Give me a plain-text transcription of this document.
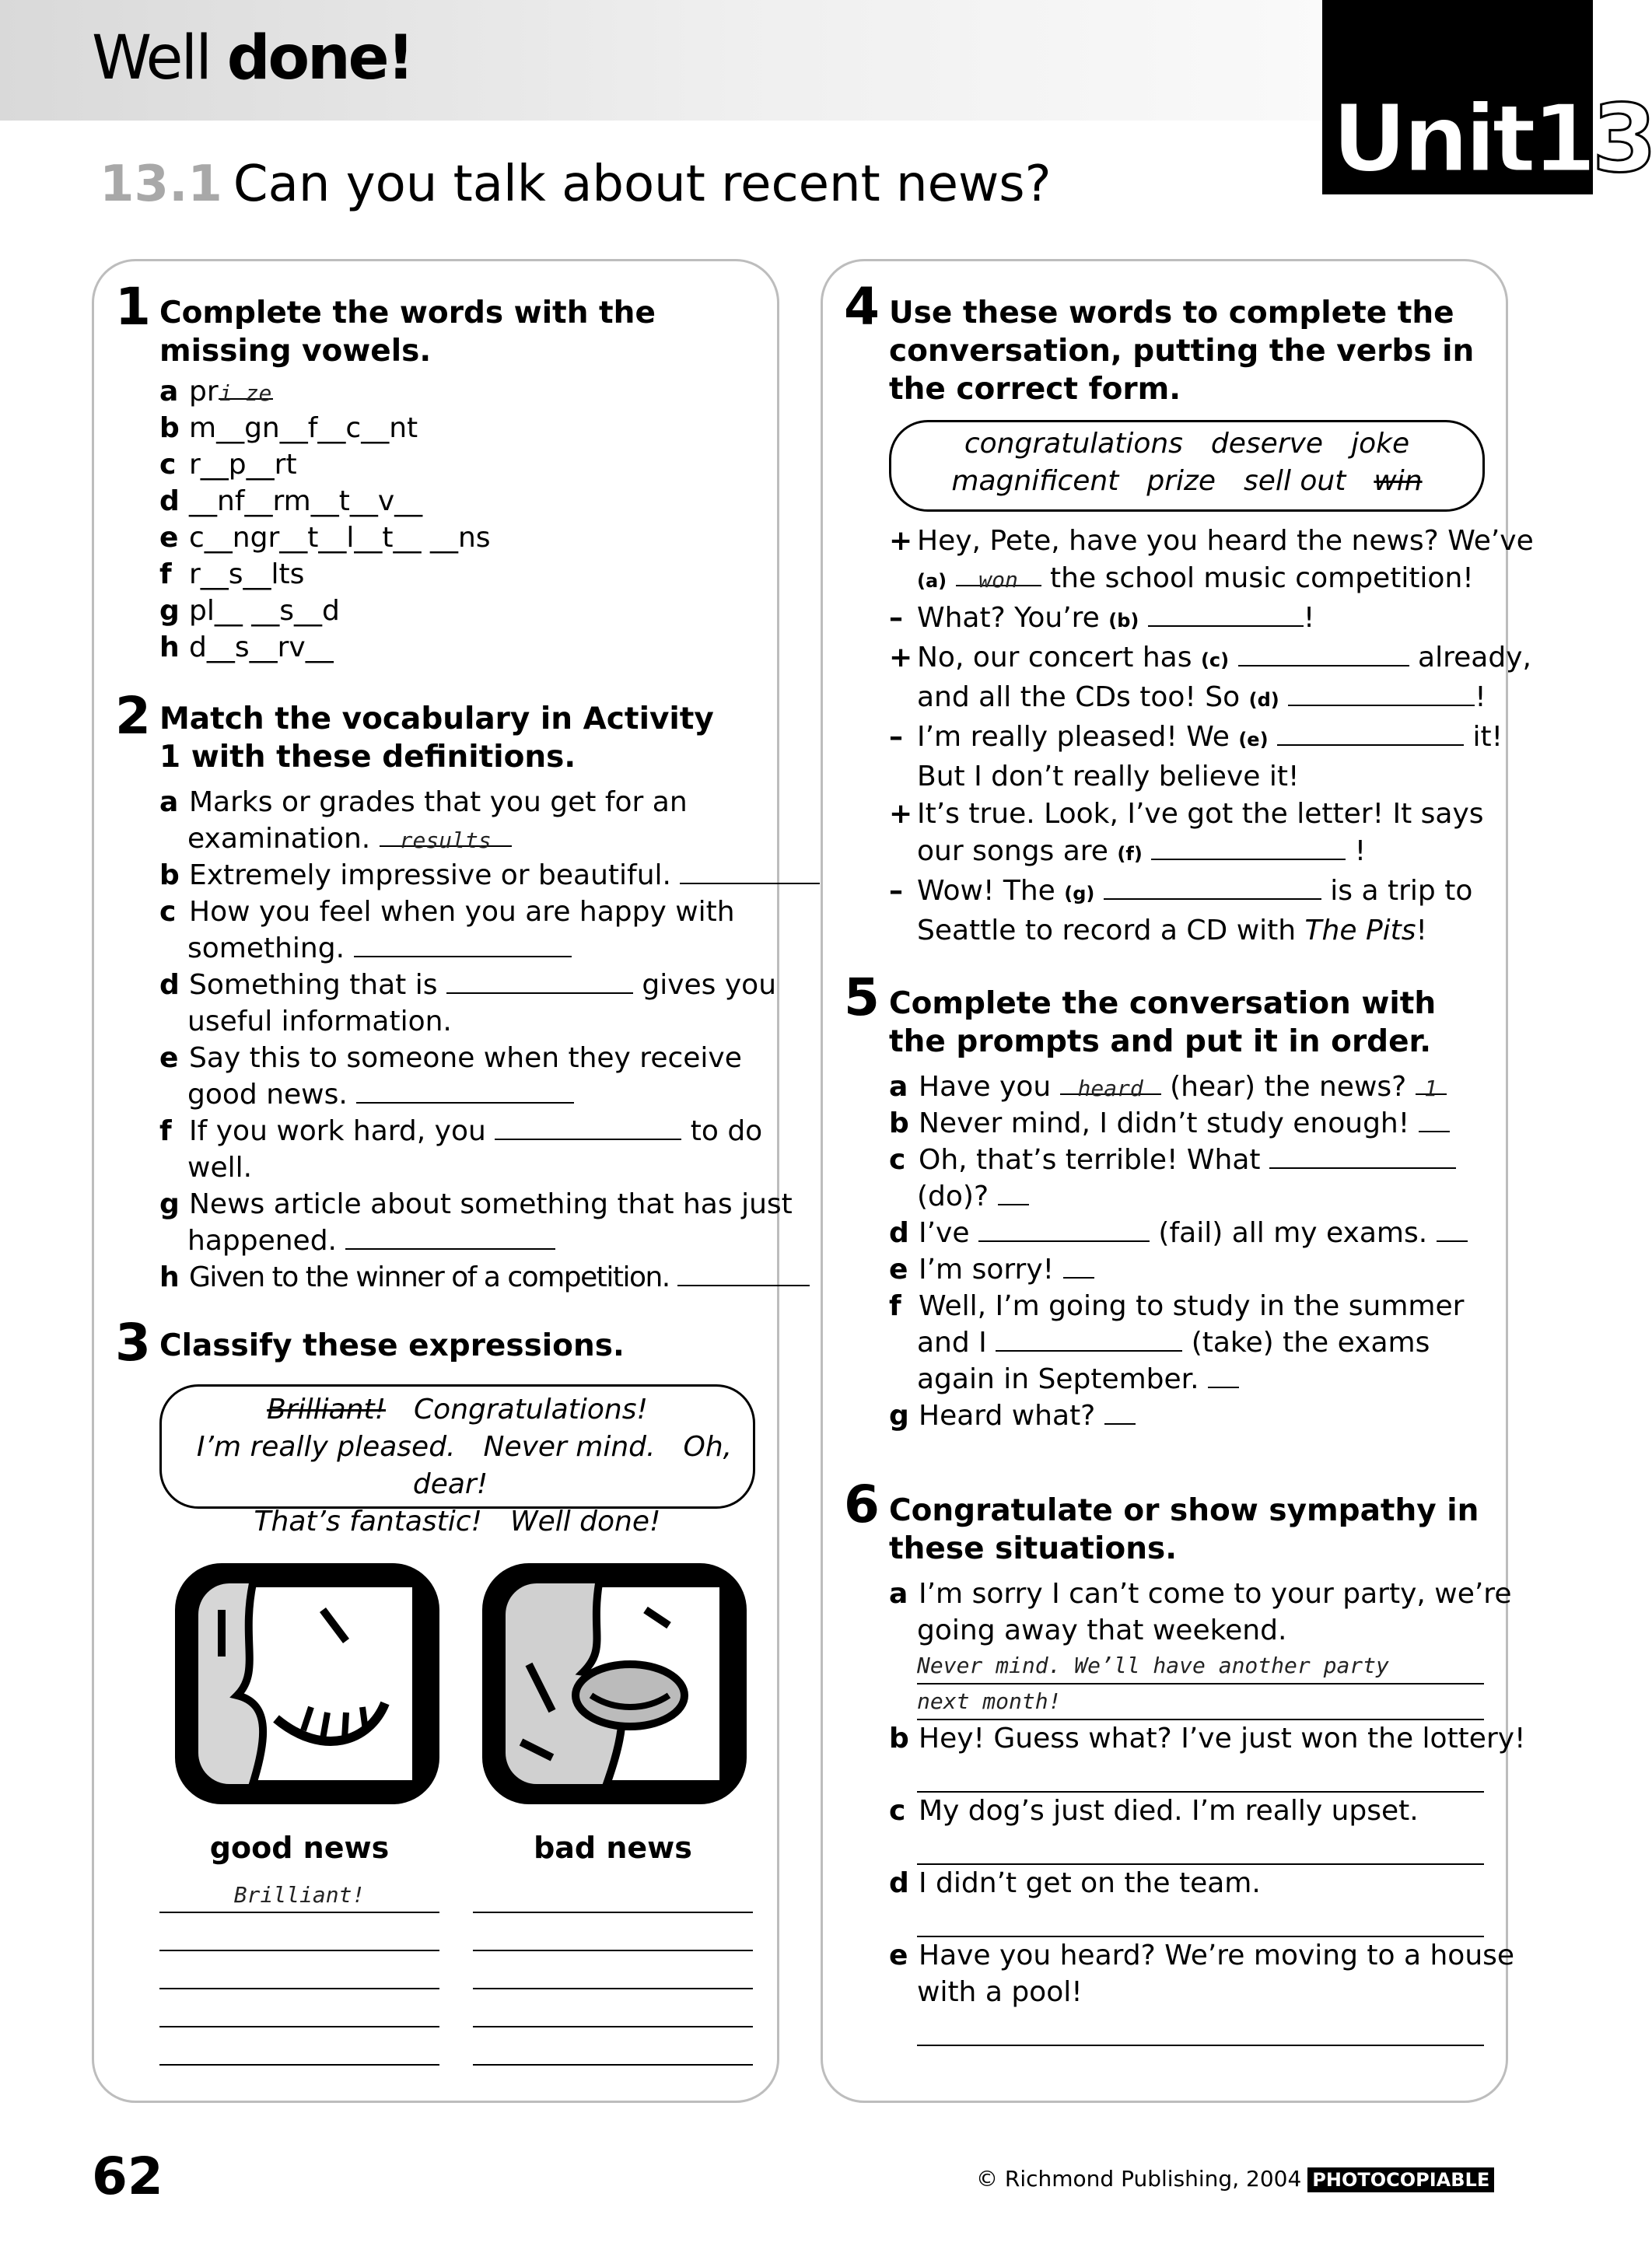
Well done!
Unit13
13.1 Can you talk about recent news?
1 Complete the words with the missing vowels.
a pri ze
b m__gn__f__c__nt
c r__p__rt
d __nf__rm__t__v__
e c__ngr__t__l__t__ __ns
f r__s__lts
g pl__ __s__d
h d__s__rv__
2 Match the vocabulary in Activity 1 with these definitions.
a Marks or grades that you get for an
examination. results
b Extremely impressive or beautiful.
c How you feel when you are happy with
something.
d Something that is	gives you
useful information.
e Say this to someone when they receive
good news.
f If you work hard, you	to do
well.
g News article about something that has just
happened.
h Given to the winner of a competition.
3 Classify these expressions.
Brilliant! Congratulations!
I’m really pleased. Never mind. Oh, dear!
That’s fantastic! Well done!
good news	bad news
Brilliant!
4 Use these words to complete the conversation, putting the verbs in the correct form.
congratulations deserve joke
magnificent prize sell out win
+ Hey, Pete, have you heard the news? We’ve
(a) won the school music competition!
– What? You’re (b)	!
+ No, our concert has (c)	already,
and all the CDs too! So (d)	!
– I’m really pleased! We (e)	it!
But I don’t really believe it!
+ It’s true. Look, I’ve got the letter! It says
our songs are (f)	!
– Wow! The (g)	is a trip to
Seattle to record a CD with The Pits!
5 Complete the conversation with the prompts and put it in order.
a Have you heard (hear) the news? 1
b Never mind, I didn’t study enough!
c Oh, that’s terrible! What
(do)?
d I’ve	(fail) all my exams.
e I’m sorry!
f Well, I’m going to study in the summer
and I	(take) the exams
again in September.
g Heard what?
6 Congratulate or show sympathy in these situations.
a I’m sorry I can’t come to your party, we’re
going away that weekend.
Never mind. We’ll have another party
next month!
b Hey! Guess what? I’ve just won the lottery!
c My dog’s just died. I’m really upset.
d I didn’t get on the team.
e Have you heard? We’re moving to a house
with a pool!
62	© Richmond Publishing, 2004 PHOTOCOPIABLE
